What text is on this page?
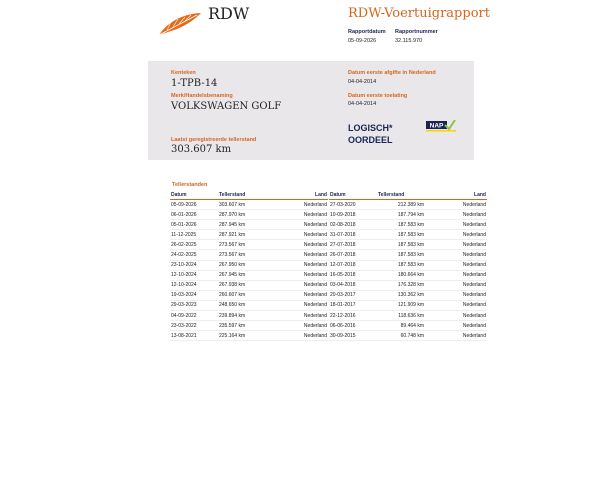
RDW	RDW-Voertuigrapport
Rapportdatum
05-09-2026
Rapportnummer
32.115.970
Kenteken
1-TPB-14
Merk/Handelsbenaming
VOLKSWAGEN GOLF
Laatst geregistreerde tellerstand
303.607 km
Datum eerste afgifte in Nederland
04-04-2014
Datum eerste toelating
04-04-2014
LOGISCH*
OORDEEL
NAP
Tellerstanden
Datum	Tellerstand	Land
05-09-2026	303.607 km	Nederland
06-01-2026	287.970 km	Nederland
05-01-2026	287.945 km	Nederland
11-12-2025	287.921 km	Nederland
26-02-2025	273.567 km	Nederland
24-02-2025	273.567 km	Nederland
23-10-2024	267.950 km	Nederland
12-10-2024	267.945 km	Nederland
12-10-2024	267.938 km	Nederland
19-03-2024	260.607 km	Nederland
29-03-2023	248.650 km	Nederland
04-09-2022	239.894 km	Nederland
23-03-2022	235.597 km	Nederland
13-08-2021	225.164 km	Nederland
Datum	Tellerstand	Land
27-03-2020	212.389 km	Nederland
10-09-2018	187.794 km	Nederland
02-08-2018	187.583 km	Nederland
31-07-2018	187.583 km	Nederland
27-07-2018	187.583 km	Nederland
26-07-2018	187.583 km	Nederland
12-07-2018	187.583 km	Nederland
16-05-2018	180.664 km	Nederland
03-04-2018	176.328 km	Nederland
20-03-2017	130.362 km	Nederland
18-01-2017	121.909 km	Nederland
22-12-2016	118.636 km	Nederland
06-06-2016	89.464 km	Nederland
30-09-2015	60.748 km	Nederland
